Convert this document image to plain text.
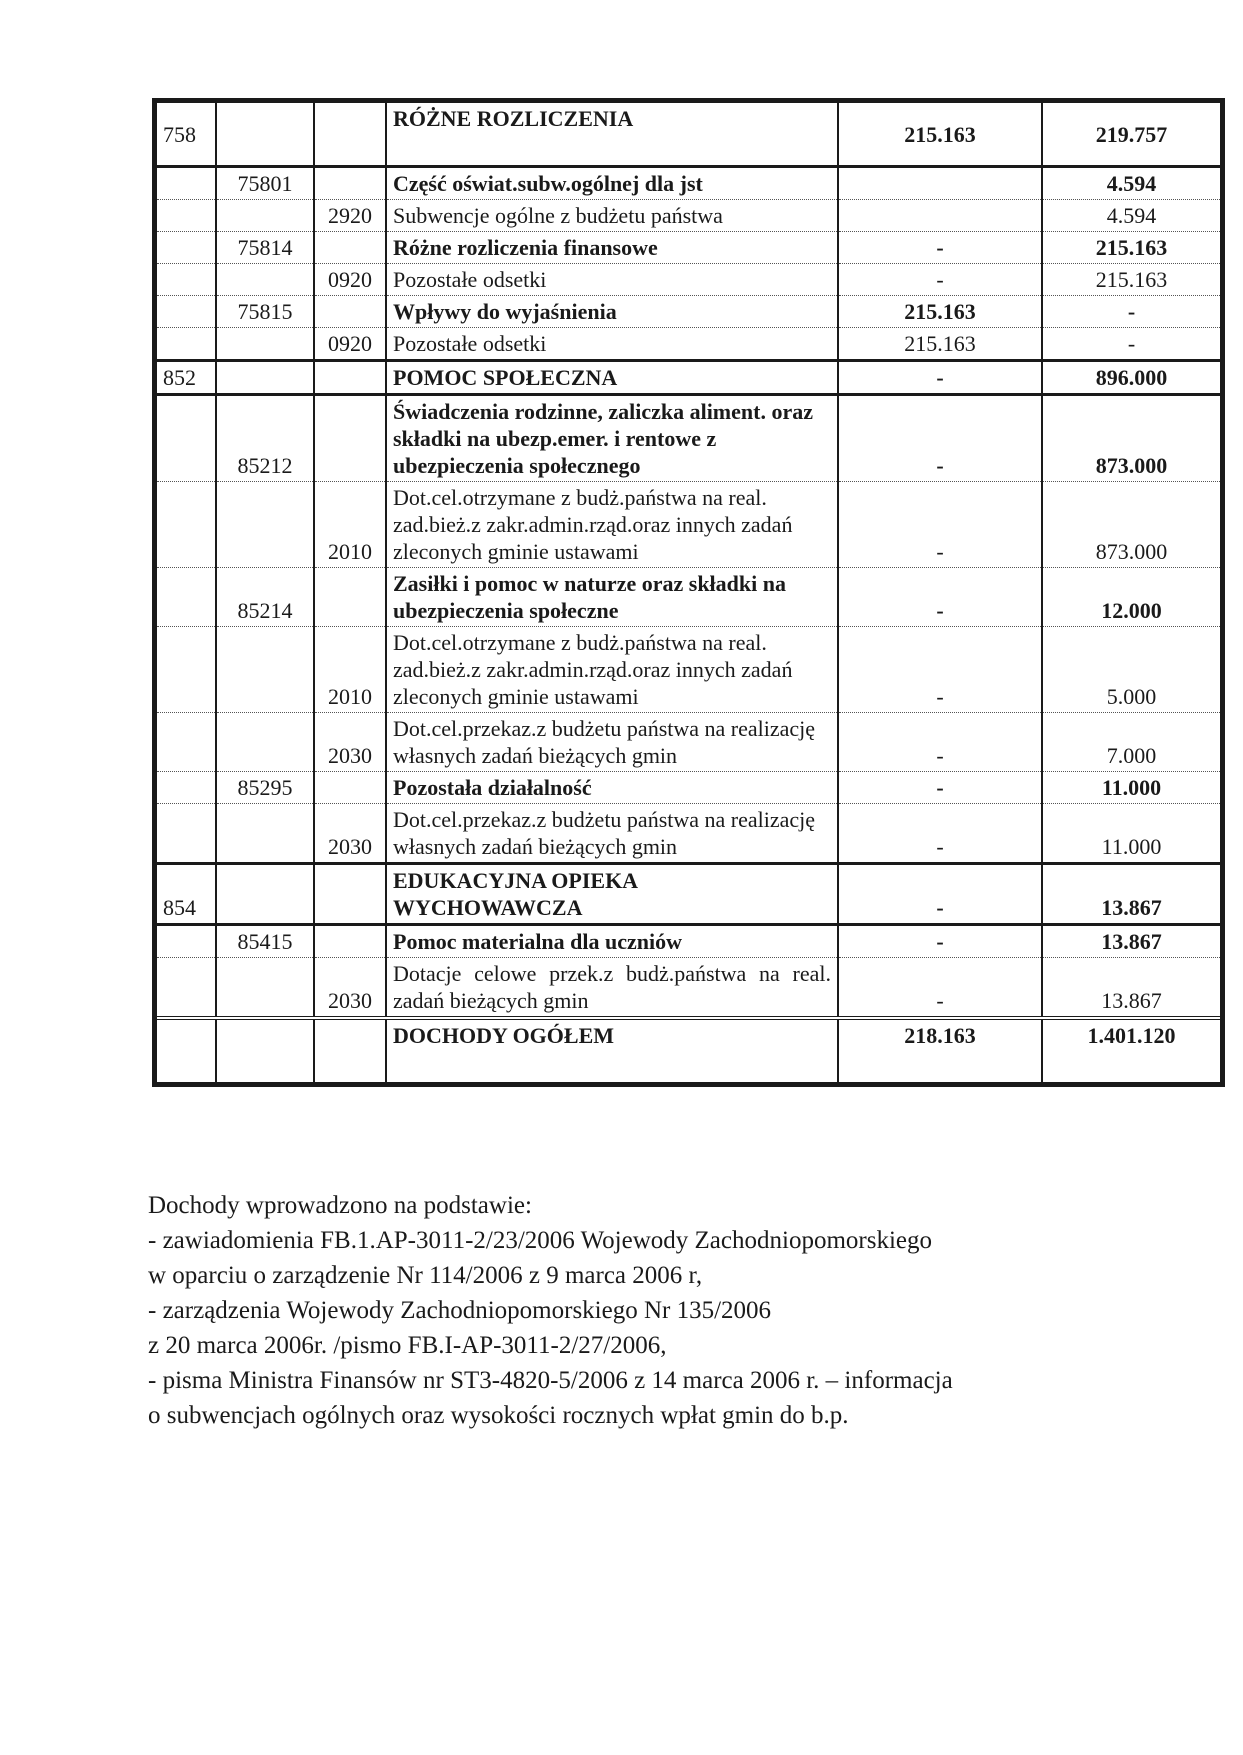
758			RÓŻNE ROZLICZENIA	215.163	219.757
	75801		Część oświat.subw.ogólnej dla jst		4.594
		2920	Subwencje ogólne z budżetu państwa		4.594
	75814		Różne rozliczenia finansowe	-	215.163
		0920	Pozostałe odsetki	-	215.163
	75815		Wpływy do wyjaśnienia	215.163	-
		0920	Pozostałe odsetki	215.163	-
852			POMOC SPOŁECZNA	-	896.000
	85212		Świadczenia rodzinne, zaliczka aliment. oraz składki na ubezp.emer. i rentowe z ubezpieczenia społecznego	-	873.000
		2010	Dot.cel.otrzymane z budż.państwa na real. zad.bież.z zakr.admin.rząd.oraz innych zadań zleconych gminie ustawami	-	873.000
	85214		Zasiłki i pomoc w naturze oraz składki na ubezpieczenia społeczne	-	12.000
		2010	Dot.cel.otrzymane z budż.państwa na real. zad.bież.z zakr.admin.rząd.oraz innych zadań zleconych gminie ustawami	-	5.000
		2030	Dot.cel.przekaz.z budżetu państwa na realizację własnych zadań bieżących gmin	-	7.000
	85295		Pozostała działalność	-	11.000
		2030	Dot.cel.przekaz.z budżetu państwa na realizację własnych zadań bieżących gmin	-	11.000
854			EDUKACYJNA OPIEKA WYCHOWAWCZA	-	13.867
	85415		Pomoc materialna dla uczniów	-	13.867
		2030	Dotacje celowe przek.z budż.państwa na real. zadań bieżących gmin	-	13.867
			DOCHODY OGÓŁEM	218.163	1.401.120
Dochody wprowadzono na podstawie:
- zawiadomienia FB.1.AP-3011-2/23/2006 Wojewody Zachodniopomorskiego
w oparciu o zarządzenie Nr 114/2006 z 9 marca 2006 r,
- zarządzenia Wojewody Zachodniopomorskiego Nr 135/2006
z 20 marca 2006r. /pismo FB.I-AP-3011-2/27/2006,
- pisma Ministra Finansów nr ST3-4820-5/2006 z 14 marca 2006 r. – informacja
o subwencjach ogólnych oraz wysokości rocznych wpłat gmin do b.p.
